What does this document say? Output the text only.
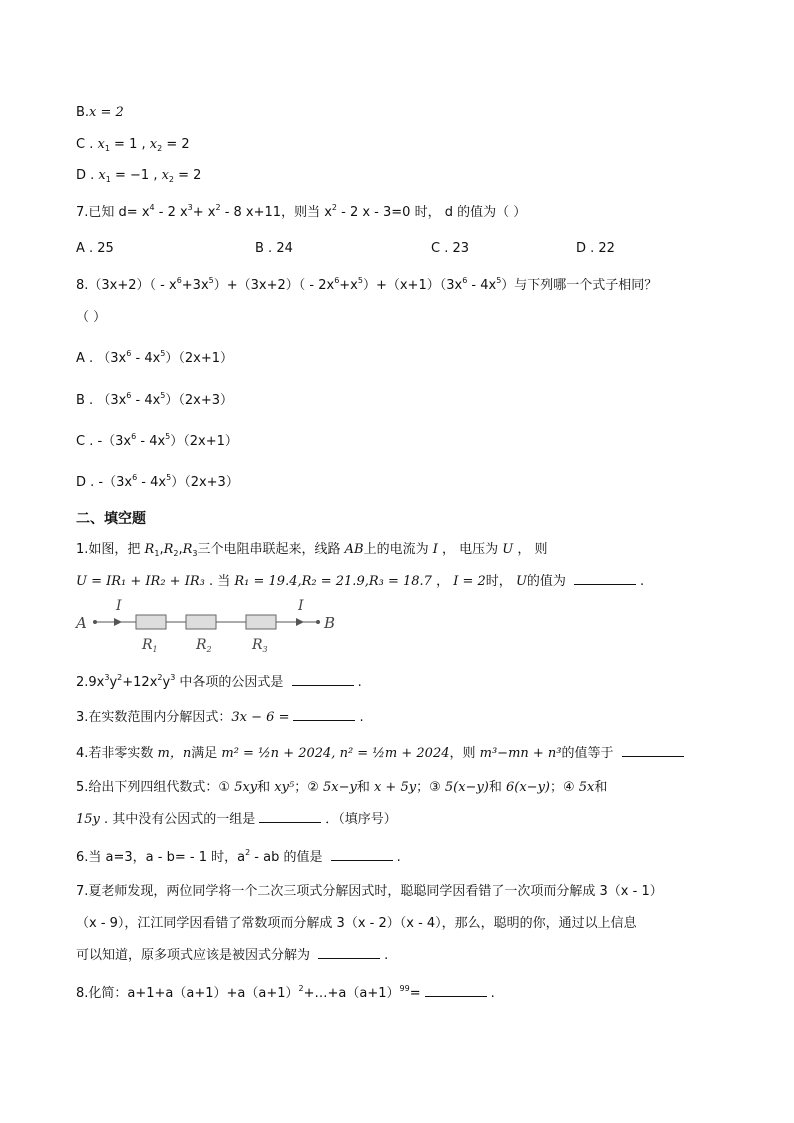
B.x = 2
C . $x_1 = 1$ , $x_2 = 2$
D . $x_1 = -1$ , $x_2 = 2$
7.已知 $d= x^4 - 2$ $x^3+ x^2 - 8$ x+11，则当 $x^2 - 2$ x - 3=0 时， d 的值为（ ）
A . 25	B . 24	C . 23	D . 22
$8.(3x+2)( - x^6+3x^5)+(3x+2)( - 2x^6+x^5)+(x+1)(3x^6 - 4x^5)$与下列哪一个式子相同？
（ ）
A . $(3x^6 - 4x^5)(2x+1)$
B . $(3x^6 - 4x^5)(2x+3)$
C . $-(3x^6 - 4x^5)(2x+1)$
D . $-(3x^6 - 4x^5)(2x+3)$
二、填空题
1.如图，把 $R_1,R_2,R_3$三个电阻串联起来，线路 AB上的电流为 I ， 电压为 U ， 则
U = IR₁ + IR₂ + IR₃ . 当 R₁ = 19.4,R₂ = 21.9,R₃ = 18.7 ， I = 2时， U的值为	.
A
I	I
B
$R_1$	$R_2$	$R_3$
$2.9x^3y^2+12x^2y^3$ 中各项的公因式是	.
3.在实数范围内分解因式：3x − 6 =	.
4.若非零实数 m，n满足 m² = ½n + 2024, n² = ½m + 2024，则 m³−mn + n³的值等于
5.给出下列四组代数式：① 5xy和 xy⁵；② 5x−y和 x + 5y；③ 5(x−y)和 6(x−y)；④ 5x和
15y . 其中没有公因式的一组是	．（填序号）
6.当 a=3，a - b= - 1 时，$a^2$ - ab 的值是	.
7.夏老师发现，两位同学将一个二次三项式分解因式时，聪聪同学因看错了一次项而分解成 3（x - 1）
（x - 9），江江同学因看错了常数项而分解成 3（x - 2）（x - 4），那么，聪明的你，通过以上信息
可以知道，原多项式应该是被因式分解为	.
8.化简：$a+1+a(a+1)+a(a+1)^2+\dots+a(a+1)^{99}=$	.
